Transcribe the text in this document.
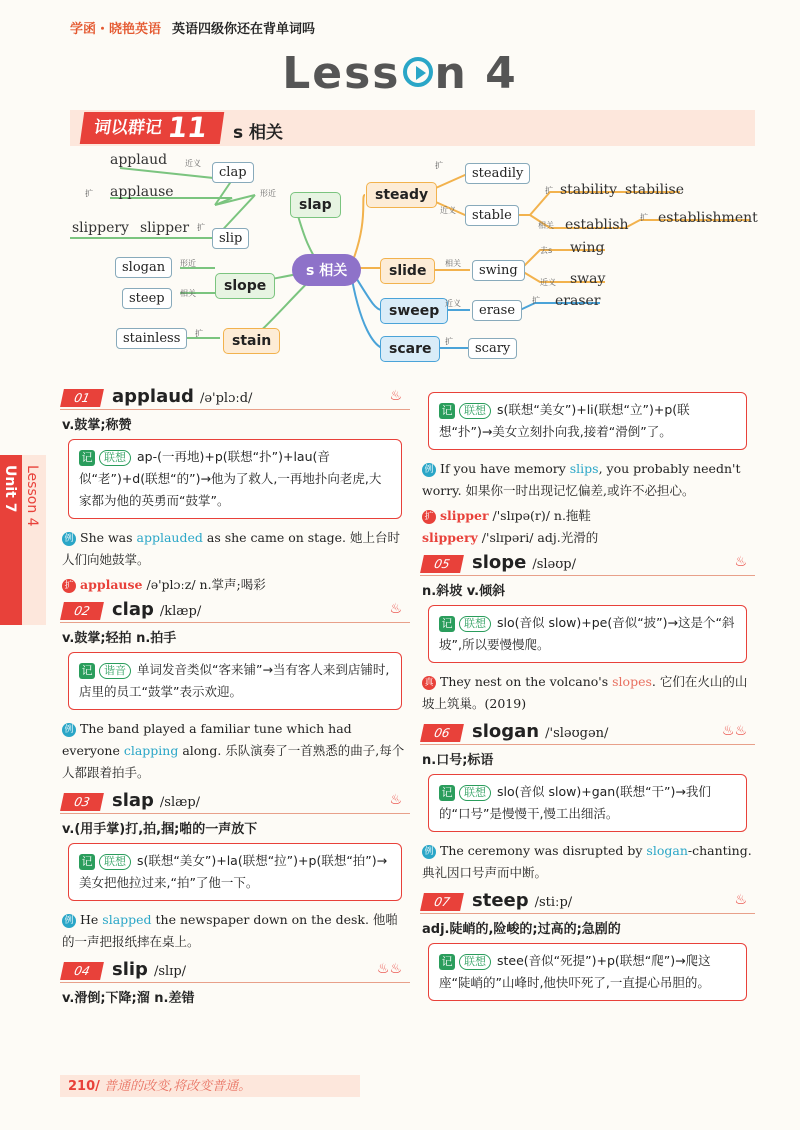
学函・晓艳英语 英语四级你还在背单词吗
Less n 4
词以群记 11	s 相关
s 相关
slap
slope
stain
steady
slide
sweep
scare
applaud
applause
clap
slippery slipper
slip
slogan
steep
stainless
steadily
stable
stability stabilise
establish establishment
wing
swing
sway
eraser
erase
scary
近义
扩	形近
扩
形近
相关
扩
扩
近义
扩
相关
扩
相关
去s
近义
近义	扩
扩
Unit 7 Lesson 4
01	applaud /ə'plɔːd/	♨
v.鼓掌;称赞
记 联想 ap-(一再地)+p(联想“扑”)+lau(音似“老”)+d(联想“的”)→他为了救人,一再地扑向老虎,大家都为他的英勇而“鼓掌”。
例 She was applauded as she came on stage. 她上台时人们向她鼓掌。
扩 applause /ə'plɔːz/ n.掌声;喝彩
02	clap /klæp/	♨
v.鼓掌;轻拍 n.拍手
记 谐音 单词发音类似“客来铺”→当有客人来到店铺时,店里的员工“鼓掌”表示欢迎。
例 The band played a familiar tune which had everyone clapping along. 乐队演奏了一首熟悉的曲子,每个人都跟着拍手。
03	slap /slæp/	♨
v.(用手掌)打,拍,掴;啪的一声放下
记 联想 s(联想“美女”)+la(联想“拉”)+p(联想“拍”)→美女把他拉过来,“拍”了他一下。
例 He slapped the newspaper down on the desk. 他啪的一声把报纸摔在桌上。
04	slip /slɪp/	♨♨
v.滑倒;下降;溜 n.差错
记 联想 s(联想“美女”)+li(联想“立”)+p(联想“扑”)→美女立刻扑向我,接着“滑倒”了。
例 If you have memory slips, you probably needn't worry. 如果你一时出现记忆偏差,或许不必担心。
扩 slipper /'slɪpə(r)/ n.拖鞋
slippery /'slɪpəri/ adj.光滑的
05	slope /sləʊp/	♨
n.斜坡 v.倾斜
记 联想 slo(音似 slow)+pe(音似“披”)→这是个“斜坡”,所以要慢慢爬。
真 They nest on the volcano's slopes. 它们在火山的山坡上筑巢。(2019)
06	slogan /'sləʊgən/	♨♨
n.口号;标语
记 联想 slo(音似 slow)+gan(联想“干”)→我们的“口号”是慢慢干,慢工出细活。
例 The ceremony was disrupted by slogan-chanting. 典礼因口号声而中断。
07	steep /stiːp/	♨
adj.陡峭的,险峻的;过高的;急剧的
记 联想 stee(音似“死提”)+p(联想“爬”)→爬这座“陡峭的”山峰时,他快吓死了,一直提心吊胆的。
210/ 普通的改变,将改变普通。
